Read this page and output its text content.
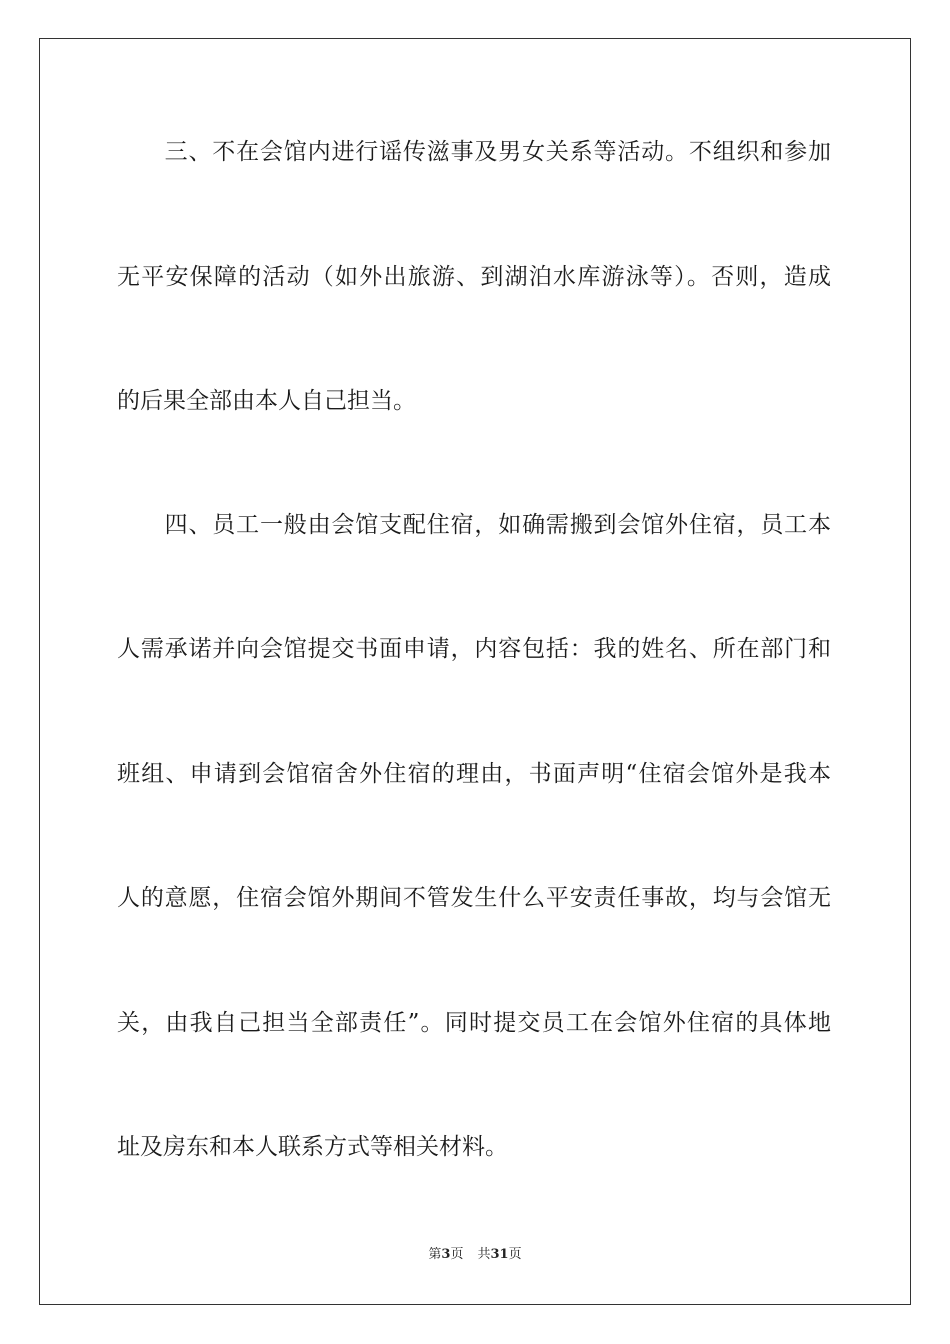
　　三、不在会馆内进行谣传滋事及男女关系等活动。不组织和参加
无平安保障的活动（如外出旅游、到湖泊水库游泳等）。否则，造成
的后果全部由本人自己担当。
　　四、员工一般由会馆支配住宿，如确需搬到会馆外住宿，员工本
人需承诺并向会馆提交书面申请，内容包括：我的姓名、所在部门和
班组、申请到会馆宿舍外住宿的理由，书面声明“住宿会馆外是我本
人的意愿，住宿会馆外期间不管发生什么平安责任事故，均与会馆无
关，由我自己担当全部责任”。同时提交员工在会馆外住宿的具体地
址及房东和本人联系方式等相关材料。
第3页 共31页
